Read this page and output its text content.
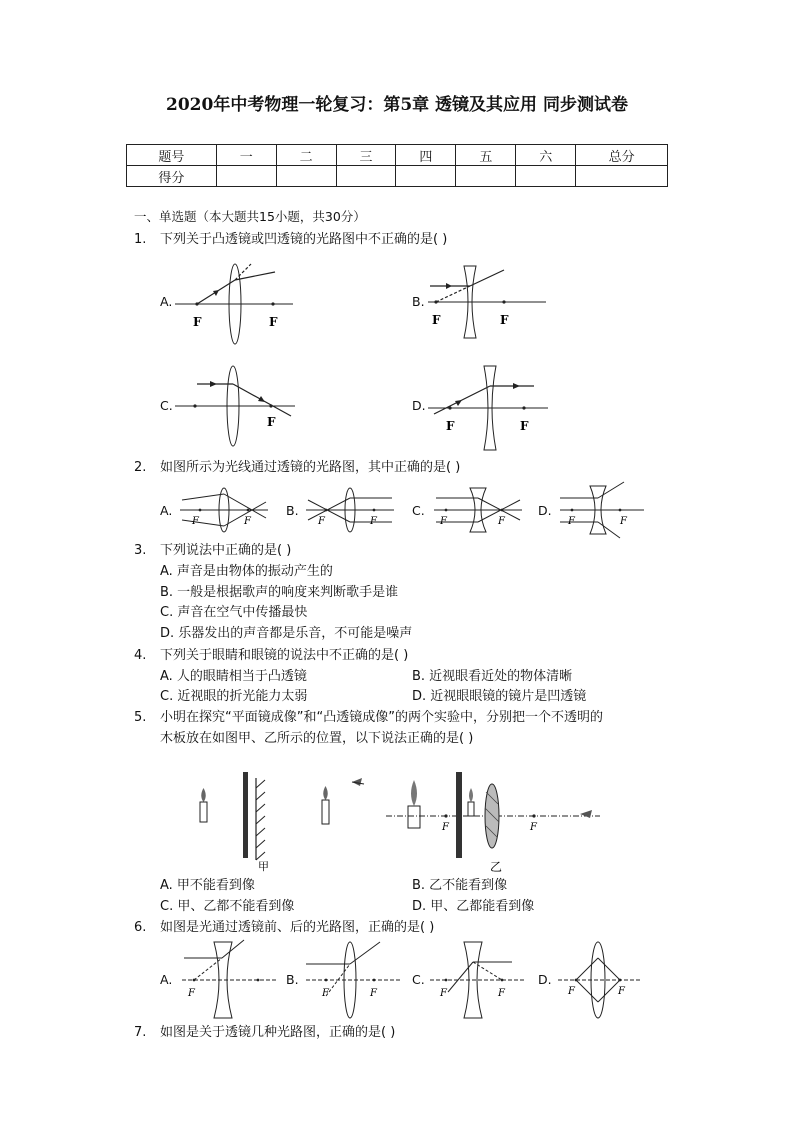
2020年中考物理一轮复习：第5章 透镜及其应用 同步测试卷
题号	一	二	三	四	五	六	总分
得分							
一、单选题（本大题共15小题，共30分）
1. 下列关于凸透镜或凹透镜的光路图中不正确的是( )
A.
F	F
B.
F	F
C.
F
D.
F	F
2. 如图所示为光线通过透镜的光路图，其中正确的是( )
A.
F	F
B.
F	F
C.
F	F
D.
F	F
3. 下列说法中正确的是( )
A. 声音是由物体的振动产生的
B. 一般是根据歌声的响度来判断歌手是谁
C. 声音在空气中传播最快
D. 乐器发出的声音都是乐音，不可能是噪声
4. 下列关于眼睛和眼镜的说法中不正确的是( )
A. 人的眼睛相当于凸透镜	B. 近视眼看近处的物体清晰
C. 近视眼的折光能力太弱	D. 近视眼眼镜的镜片是凹透镜
5. 小明在探究“平面镜成像”和“凸透镜成像”的两个实验中，分别把一个不透明的
木板放在如图甲、乙所示的位置，以下说法正确的是( )
甲
F	F
乙
A. 甲不能看到像	B. 乙不能看到像
C. 甲、乙都不能看到像	D. 甲、乙都能看到像
6. 如图是光通过透镜前、后的光路图，正确的是( )
A.
F
B.
F	F
C.
F	F
D.
F	F
7. 如图是关于透镜几种光路图，正确的是( )
